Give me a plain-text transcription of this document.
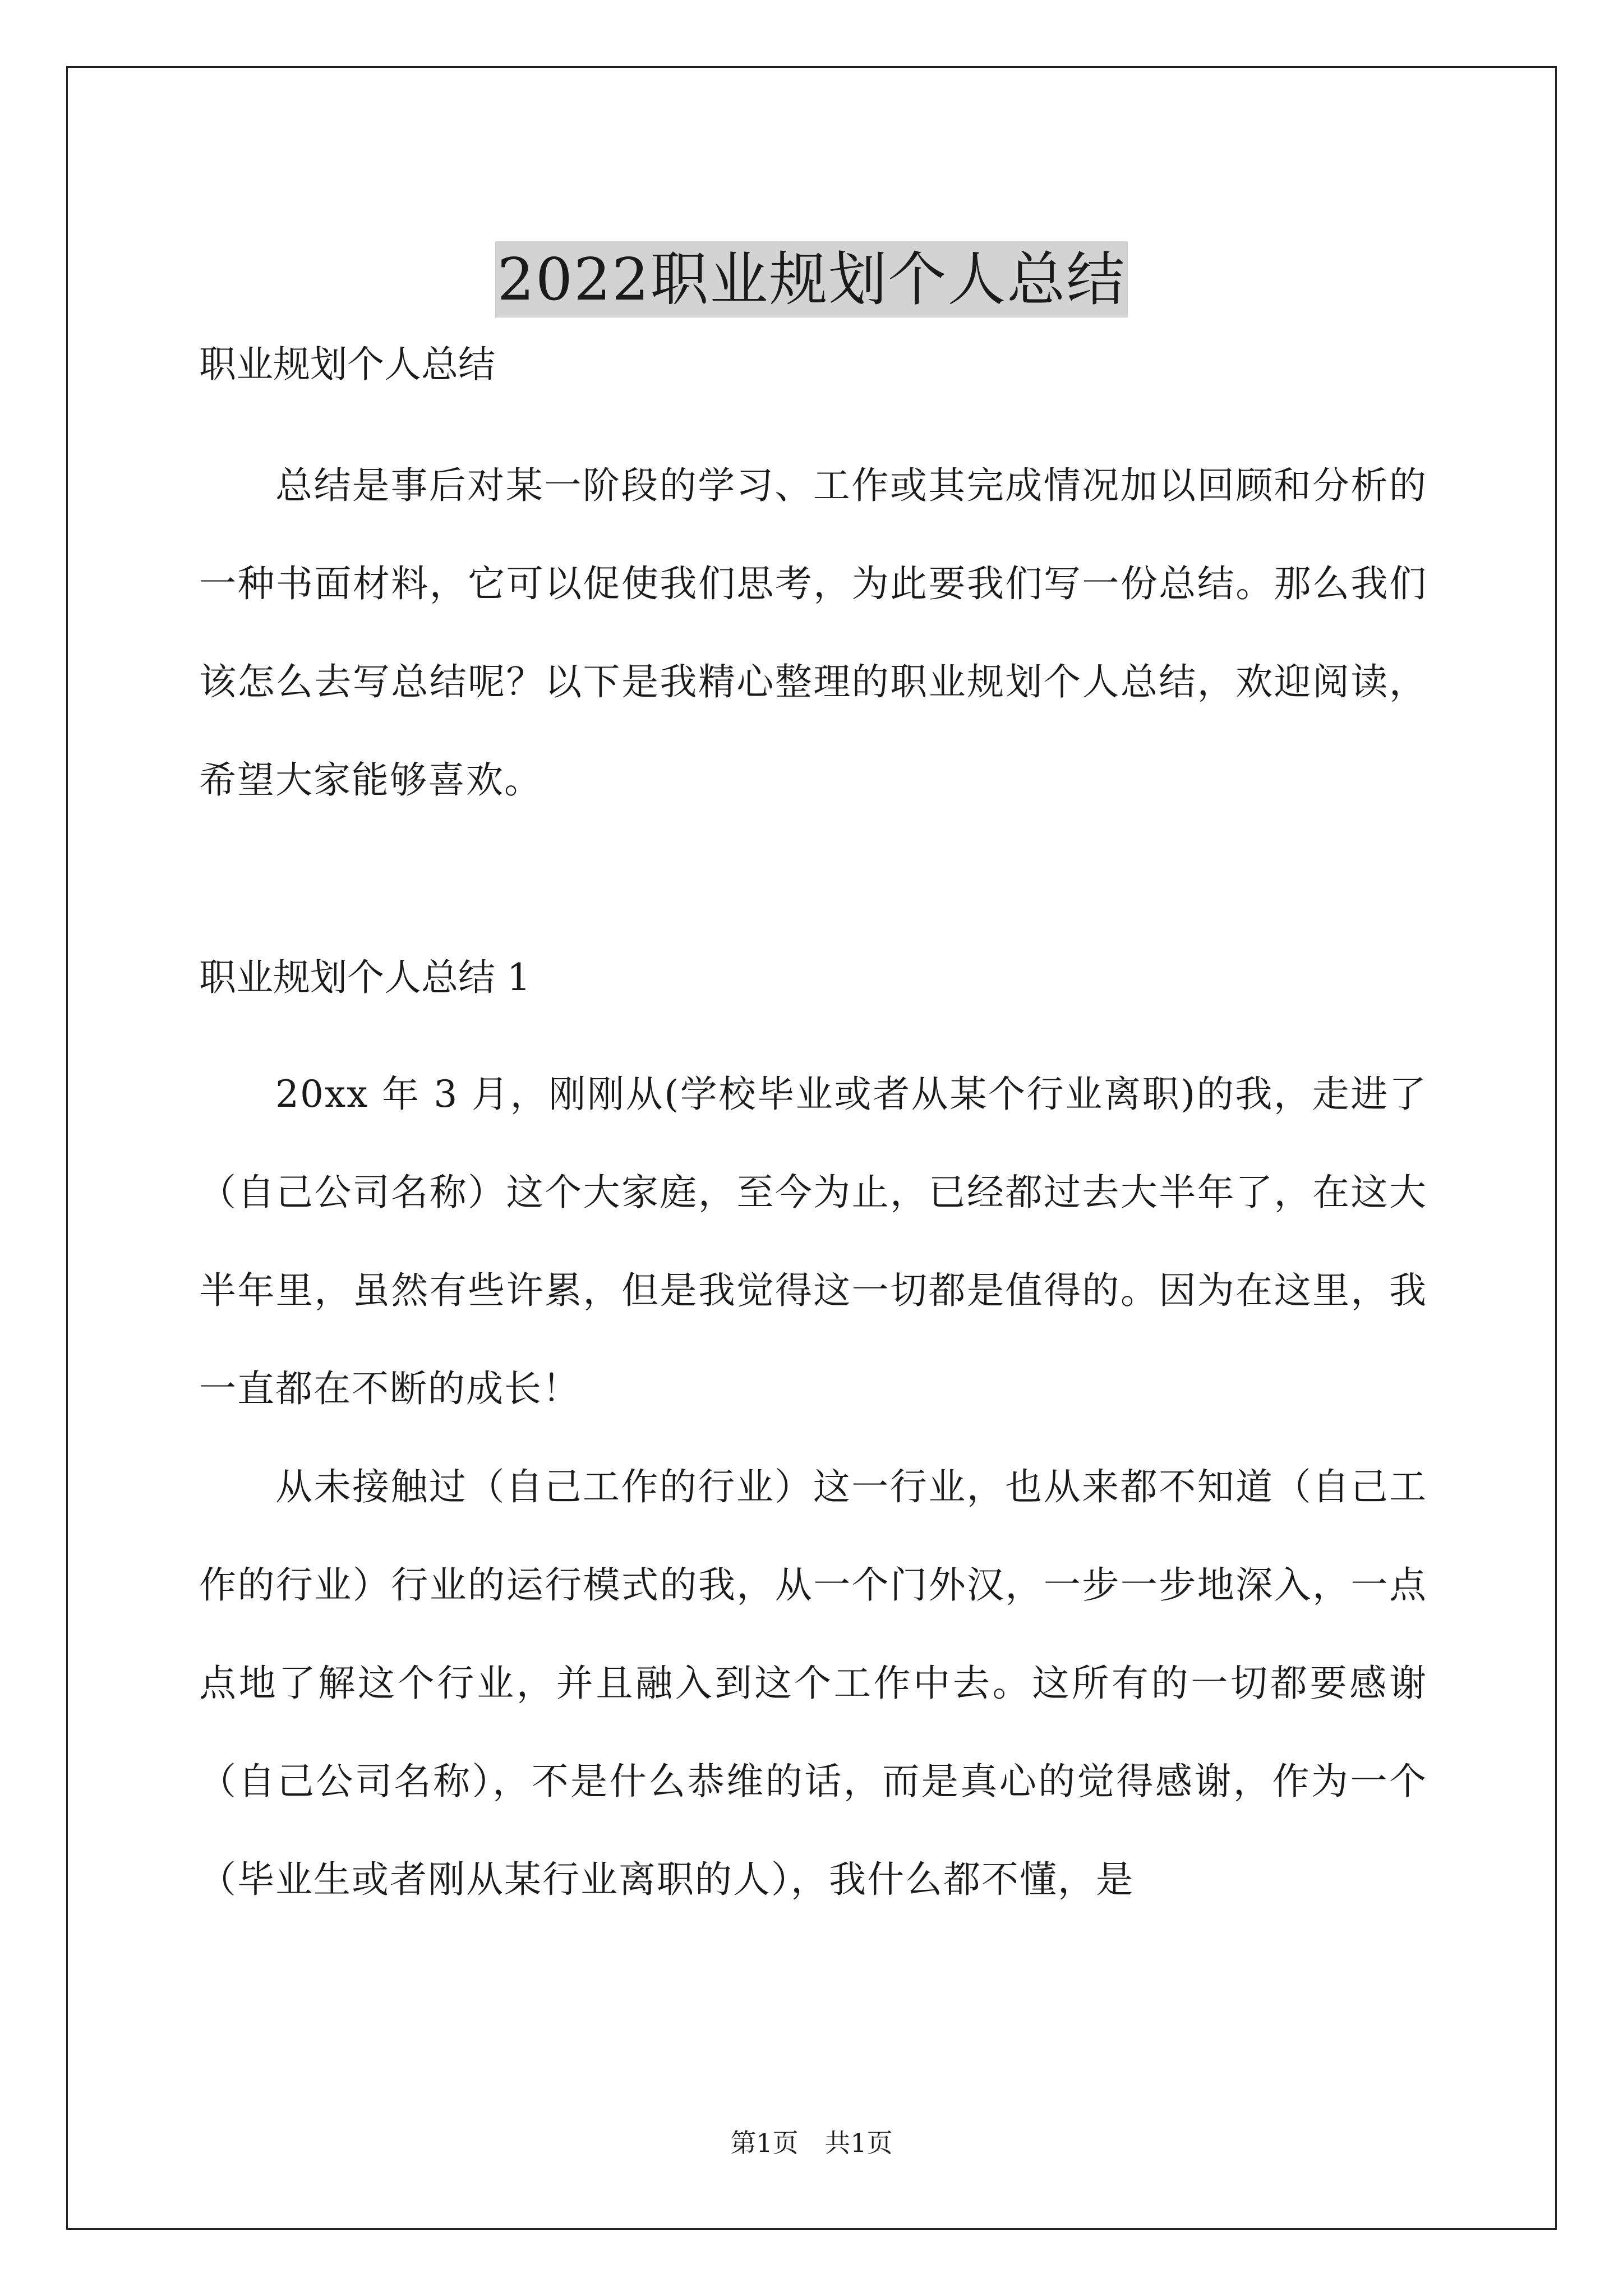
2022职业规划个人总结

职业规划个人总结

总结是事后对某一阶段的学习、工作或其完成情况加以回顾和分析的一种书面材料，它可以促使我们思考，为此要我们写一份总结。那么我们该怎么去写总结呢？以下是我精心整理的职业规划个人总结，欢迎阅读，希望大家能够喜欢。

职业规划个人总结 1

20xx 年 3 月，刚刚从(学校毕业或者从某个行业离职)的我，走进了（自己公司名称）这个大家庭，至今为止，已经都过去大半年了，在这大半年里，虽然有些许累，但是我觉得这一切都是值得的。因为在这里，我一直都在不断的成长！

从未接触过（自己工作的行业）这一行业，也从来都不知道（自己工作的行业）行业的运行模式的我，从一个门外汉，一步一步地深入，一点点地了解这个行业，并且融入到这个工作中去。这所有的一切都要感谢（自己公司名称），不是什么恭维的话，而是真心的觉得感谢，作为一个（毕业生或者刚从某行业离职的人），我什么都不懂，是

第1页 共1页
